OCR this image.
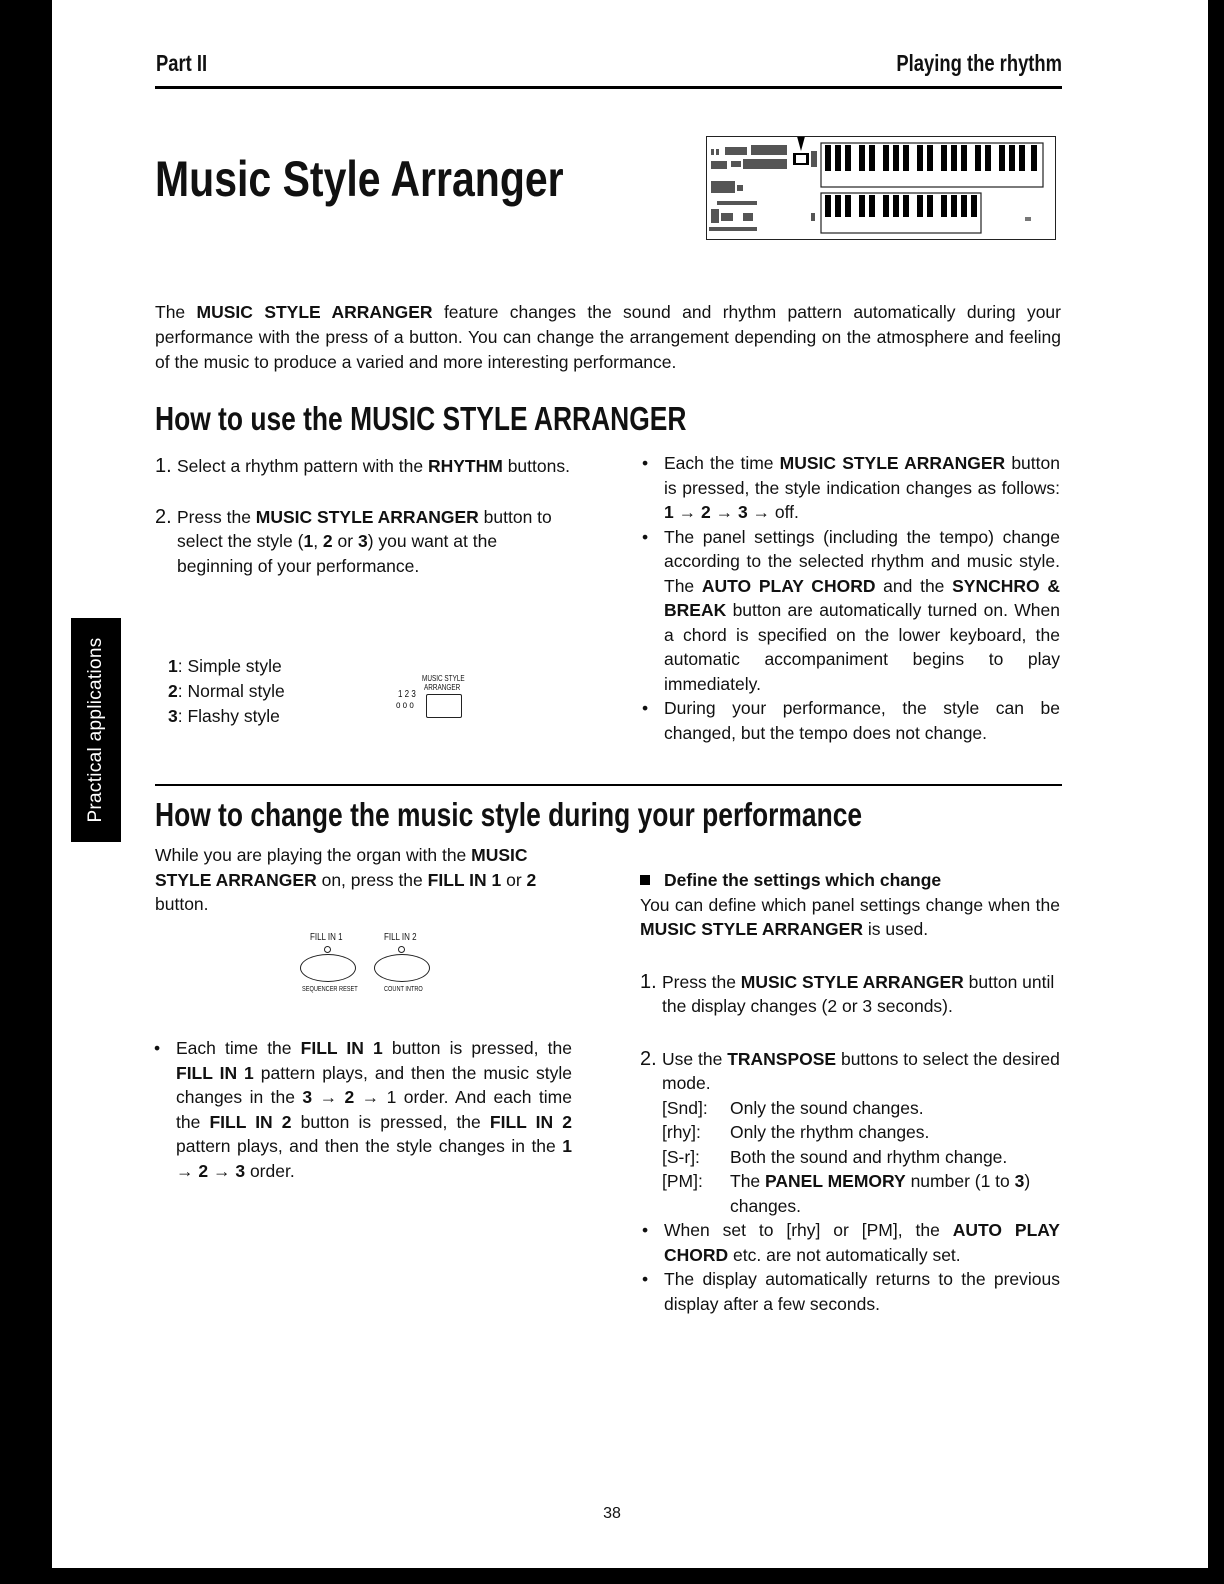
Part II	Playing the rhythm
Music Style Arranger

The MUSIC STYLE ARRANGER feature changes the sound and rhythm pattern automatically during your performance with the press of a button. You can change the arrangement depending on the atmosphere and feeling of the music to produce a varied and more interesting performance.

How to use the MUSIC STYLE ARRANGER

1. Select a rhythm pattern with the RHYTHM buttons.

2. Press the MUSIC STYLE ARRANGER button to select the style (1, 2 or 3) you want at the beginning of your performance.

1: Simple style
2: Normal style
3: Flashy style
MUSIC STYLE
ARRANGER
1 2 3
o o o

• Each the time MUSIC STYLE ARRANGER button is pressed, the style indication changes as follows: 1 → 2 → 3 → off.

• The panel settings (including the tempo) change according to the selected rhythm and music style. The AUTO PLAY CHORD and the SYNCHRO & BREAK button are automatically turned on. When a chord is specified on the lower keyboard, the automatic accompaniment begins to play immediately.

• During your performance, the style can be changed, but the tempo does not change.

Practical applications How to change the music style during your performance

While you are playing the organ with the MUSIC STYLE ARRANGER on, press the FILL IN 1 or 2 button.

FILL IN 1	FILL IN 2
SEQUENCER RESET	COUNT INTRO

• Each time the FILL IN 1 button is pressed, the FILL IN 1 pattern plays, and then the music style changes in the 3 → 2 → 1 order. And each time the FILL IN 2 button is pressed, the FILL IN 2 pattern plays, and then the style changes in the 1 → 2 → 3 order.

Define the settings which change

You can define which panel settings change when the MUSIC STYLE ARRANGER is used.

1. Press the MUSIC STYLE ARRANGER button until the display changes (2 or 3 seconds).

2. Use the TRANSPOSE buttons to select the desired mode.

[Snd]:	Only the sound changes.
[rhy]:	Only the rhythm changes.
[S-r]:	Both the sound and rhythm change.
[PM]:	The PANEL MEMORY number (1 to 3) changes.

• When set to [rhy] or [PM], the AUTO PLAY CHORD etc. are not automatically set.

• The display automatically returns to the previous display after a few seconds.

38
